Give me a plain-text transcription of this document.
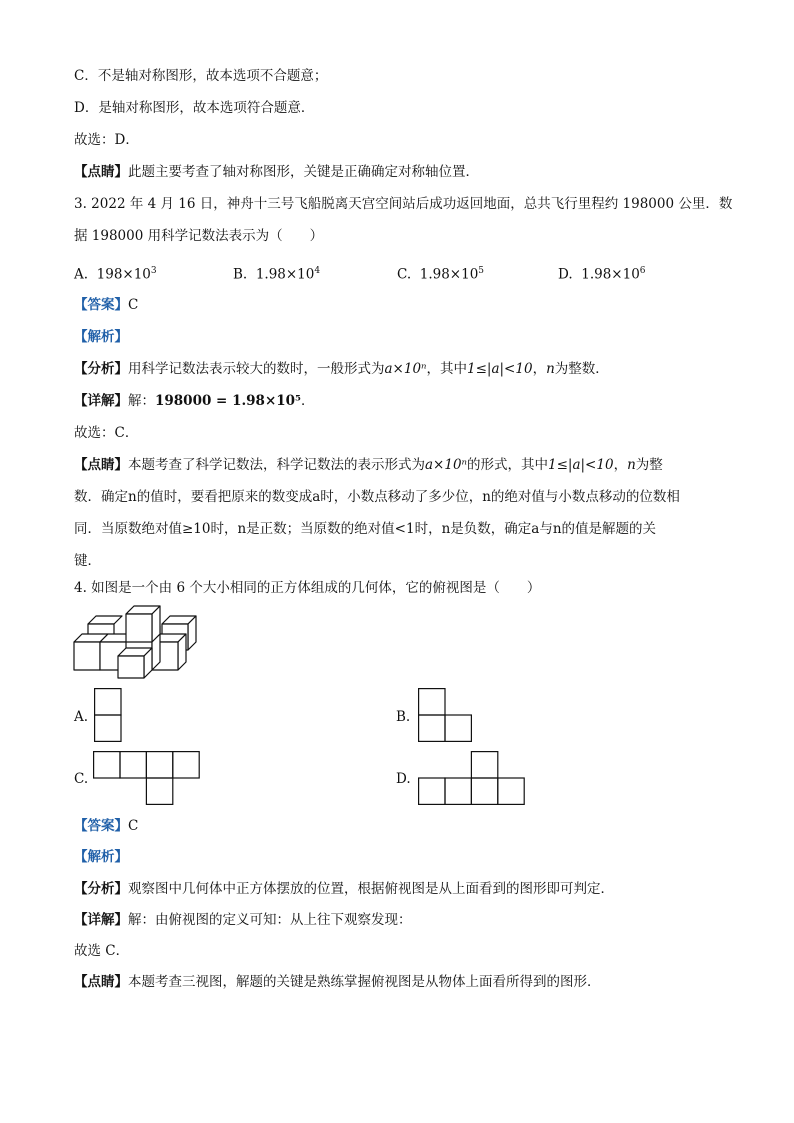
C．不是轴对称图形，故本选项不合题意；
D．是轴对称图形，故本选项符合题意．
故选：D．
【点睛】此题主要考查了轴对称图形，关键是正确确定对称轴位置．
3. 2022 年 4 月 16 日，神舟十三号飞船脱离天宫空间站后成功返回地面，总共飞行里程约 198000 公里．数
据 198000 用科学记数法表示为（　　）
A. $198\times 10^3$	B. $1.98\times 10^4$	C. $1.98\times 10^5$	D. $1.98\times 10^6$
【答案】C
【解析】
【分析】用科学记数法表示较大的数时，一般形式为a×10ⁿ，其中1≤|a|<10，n为整数．
【详解】解：198000 = 1.98×10⁵．
故选：C．
【点睛】本题考查了科学记数法，科学记数法的表示形式为a×10ⁿ的形式，其中1≤|a|<10，n为整
数．确定n的值时，要看把原来的数变成a时，小数点移动了多少位，n的绝对值与小数点移动的位数相
同．当原数绝对值≥10时，n是正数；当原数的绝对值<1时，n是负数，确定a与n的值是解题的关
键．
4. 如图是一个由 6 个大小相同的正方体组成的几何体，它的俯视图是（　　）
A.	B.
C.	D.
【答案】C
【解析】
【分析】观察图中几何体中正方体摆放的位置，根据俯视图是从上面看到的图形即可判定．
【详解】解：由俯视图的定义可知：从上往下观察发现：
故选 C．
【点睛】本题考查三视图，解题的关键是熟练掌握俯视图是从物体上面看所得到的图形．
